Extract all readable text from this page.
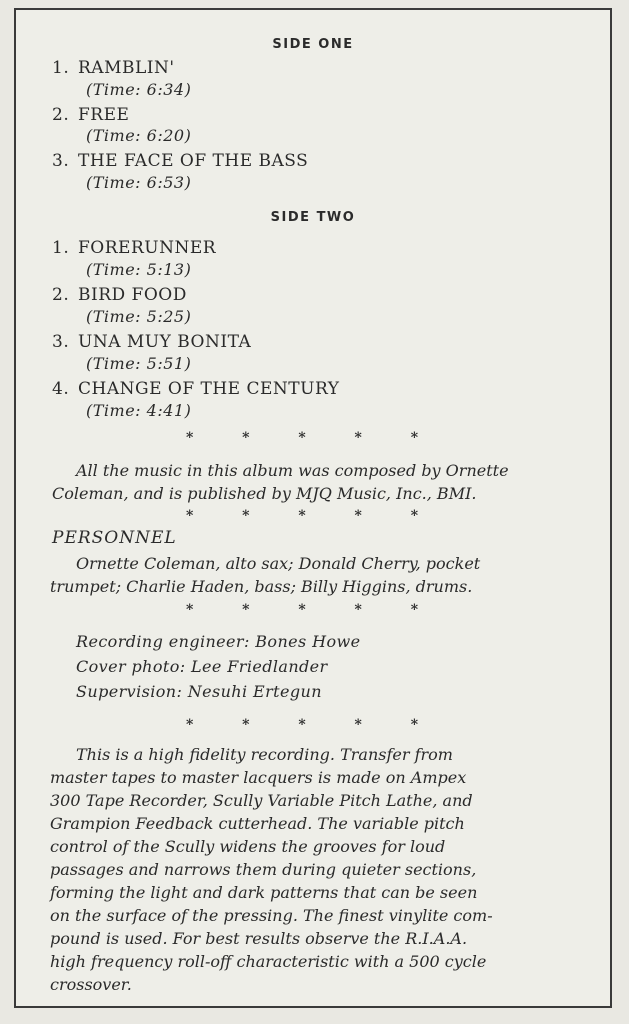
SIDE ONE
1. RAMBLIN'
(Time: 6:34)
2. FREE
(Time: 6:20)
3. THE FACE OF THE BASS
(Time: 6:53)
SIDE TWO
1. FORERUNNER
(Time: 5:13)
2. BIRD FOOD
(Time: 5:25)
3. UNA MUY BONITA
(Time: 5:51)
4. CHANGE OF THE CENTURY
(Time: 4:41)
* * * * *
All the music in this album was composed by Ornette
Coleman, and is published by MJQ Music, Inc., BMI.
* * * * *
PERSONNEL
Ornette Coleman, alto sax; Donald Cherry, pocket
trumpet; Charlie Haden, bass; Billy Higgins, drums.
* * * * *
Recording engineer: Bones Howe
Cover photo: Lee Friedlander
Supervision: Nesuhi Ertegun
* * * * *
This is a high fidelity recording. Transfer from
master tapes to master lacquers is made on Ampex
300 Tape Recorder, Scully Variable Pitch Lathe, and
Grampion Feedback cutterhead. The variable pitch
control of the Scully widens the grooves for loud
passages and narrows them during quieter sections,
forming the light and dark patterns that can be seen
on the surface of the pressing. The finest vinylite com-
pound is used. For best results observe the R.I.A.A.
high frequency roll-off characteristic with a 500 cycle
crossover.
